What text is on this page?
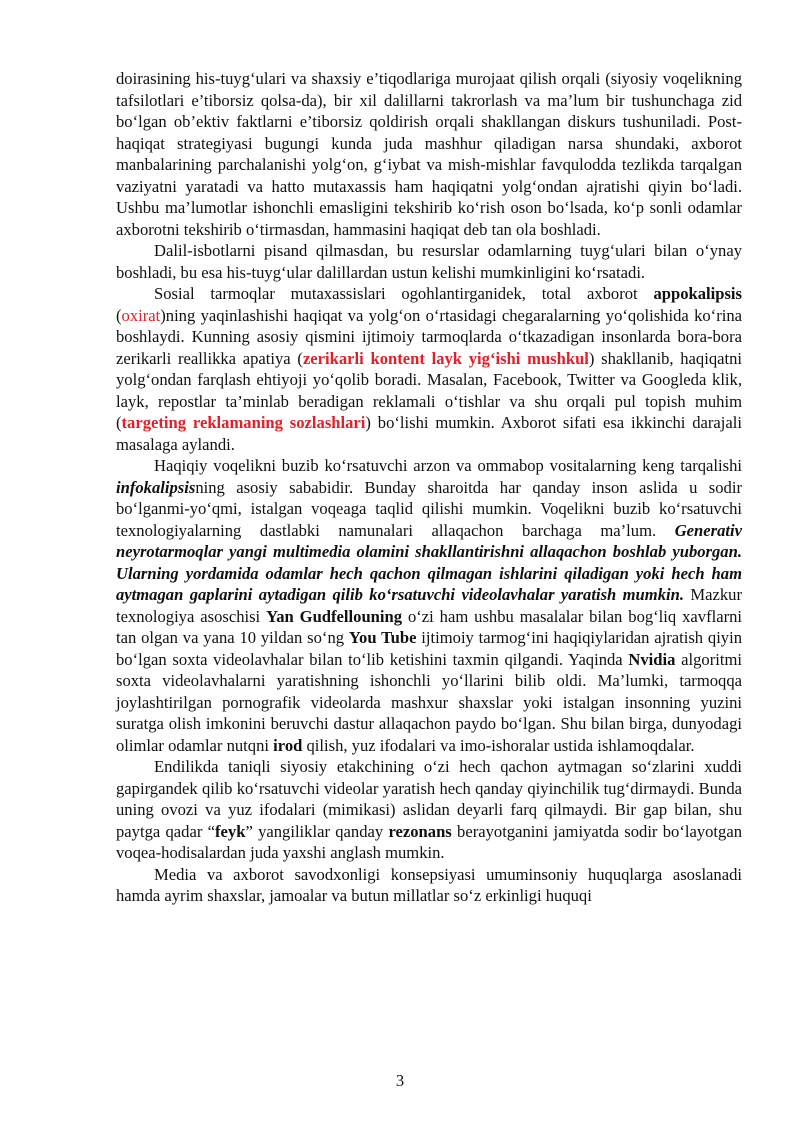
doirasining his-tuyg‘ulari va shaxsiy e’tiqodlariga murojaat qilish orqali (siyosiy voqelikning tafsilotlari e’tiborsiz qolsa-da), bir xil dalillarni takrorlash va ma’lum bir tushunchaga zid bo‘lgan ob’ektiv faktlarni e’tiborsiz qoldirish orqali shakllangan diskurs tushuniladi. Post-haqiqat strategiyasi bugungi kunda juda mashhur qiladigan narsa shundaki, axborot manbalarining parchalanishi yolg‘on, g‘iybat va mish-mishlar favqulodda tezlikda tarqalgan vaziyatni yaratadi va hatto mutaxassis ham haqiqatni yolg‘ondan ajratishi qiyin bo‘ladi. Ushbu ma’lumotlar ishonchli emasligini tekshirib ko‘rish oson bo‘lsada, ko‘p sonli odamlar axborotni tekshirib o‘tirmasdan, hammasini haqiqat deb tan ola boshladi.

Dalil-isbotlarni pisand qilmasdan, bu resurslar odamlarning tuyg‘ulari bilan o‘ynay boshladi, bu esa his-tuyg‘ular dalillardan ustun kelishi mumkinligini ko‘rsatadi.

Sosial tarmoqlar mutaxassislari ogohlantirganidek, total axborot appokalipsis (oxirat)ning yaqinlashishi haqiqat va yolg‘on o‘rtasidagi chegaralarning yo‘qolishida ko‘rina boshlaydi. Kunning asosiy qismini ijtimoiy tarmoqlarda o‘tkazadigan insonlarda bora-bora zerikarli reallikka apatiya (zerikarli kontent layk yig‘ishi mushkul) shakllanib, haqiqatni yolg‘ondan farqlash ehtiyoji yo‘qolib boradi. Masalan, Facebook, Twitter va Googleda klik, layk, repostlar ta’minlab beradigan reklamali o‘tishlar va shu orqali pul topish muhim (targeting reklamaning sozlashlari) bo‘lishi mumkin. Axborot sifati esa ikkinchi darajali masalaga aylandi.

Haqiqiy voqelikni buzib ko‘rsatuvchi arzon va ommabop vositalarning keng tarqalishi infokalipsisning asosiy sababidir. Bunday sharoitda har qanday inson aslida u sodir bo‘lganmi-yo‘qmi, istalgan voqeaga taqlid qilishi mumkin. Voqelikni buzib ko‘rsatuvchi texnologiyalarning dastlabki namunalari allaqachon barchaga ma’lum. Generativ neyrotarmoqlar yangi multimedia olamini shakllantirishni allaqachon boshlab yuborgan. Ularning yordamida odamlar hech qachon qilmagan ishlarini qiladigan yoki hech ham aytmagan gaplarini aytadigan qilib ko‘rsatuvchi videolavhalar yaratish mumkin. Mazkur texnologiya asoschisi Yan Gudfellouning o‘zi ham ushbu masalalar bilan bog‘liq xavflarni tan olgan va yana 10 yildan so‘ng You Tube ijtimoiy tarmog‘ini haqiqiylaridan ajratish qiyin bo‘lgan soxta videolavhalar bilan to‘lib ketishini taxmin qilgandi. Yaqinda Nvidia algoritmi soxta videolavhalarni yaratishning ishonchli yo‘llarini bilib oldi. Ma’lumki, tarmoqqa joylashtirilgan pornografik videolarda mashxur shaxslar yoki istalgan insonning yuzini suratga olish imkonini beruvchi dastur allaqachon paydo bo‘lgan. Shu bilan birga, dunyodagi olimlar odamlar nutqni irod qilish, yuz ifodalari va imo-ishoralar ustida ishlamoqdalar.

Endilikda taniqli siyosiy etakchining o‘zi hech qachon aytmagan so‘zlarini xuddi gapirgandek qilib ko‘rsatuvchi videolar yaratish hech qanday qiyinchilik tug‘dirmaydi. Bunda uning ovozi va yuz ifodalari (mimikasi) aslidan deyarli farq qilmaydi. Bir gap bilan, shu paytga qadar “feyk” yangiliklar qanday rezonans berayotganini jamiyatda sodir bo‘layotgan voqea-hodisalardan juda yaxshi anglash mumkin.

Media va axborot savodxonligi konsepsiyasi umuminsoniy huquqlarga asoslanadi hamda ayrim shaxslar, jamoalar va butun millatlar so‘z erkinligi huquqi

3
